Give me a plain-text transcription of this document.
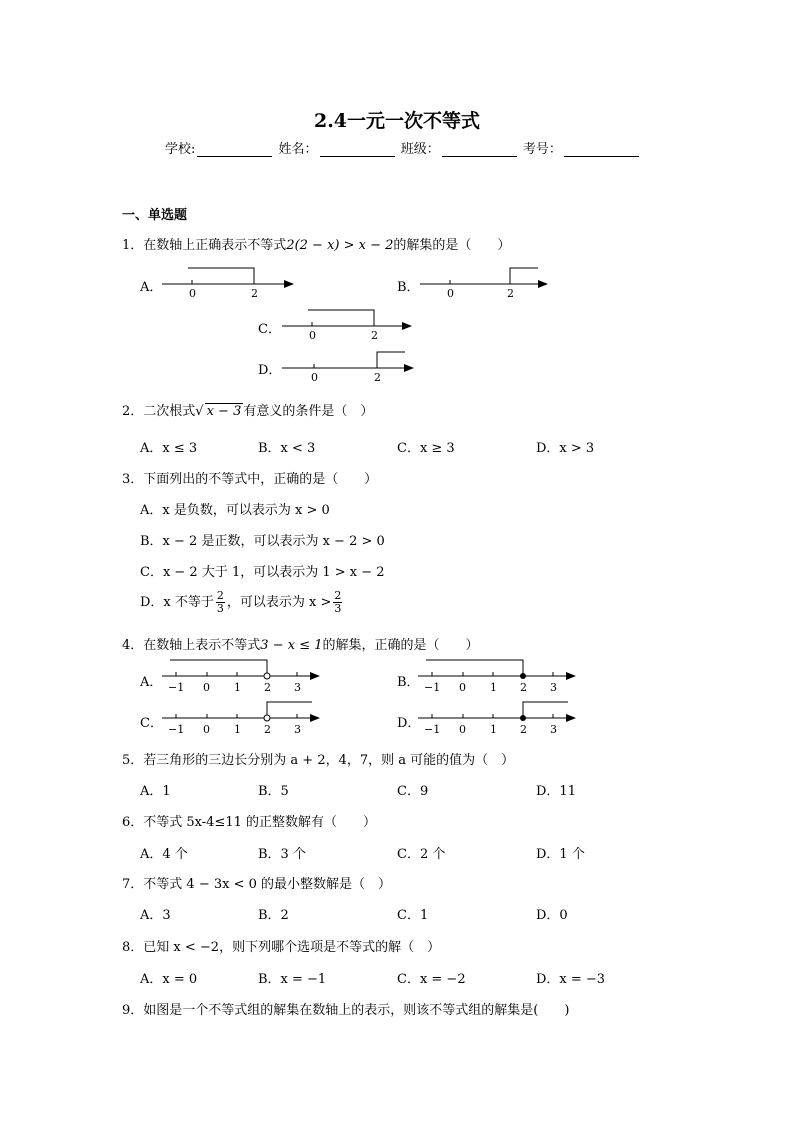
2.4一元一次不等式
学校:	姓名：	班级：	考号：
一、单选题
1．在数轴上正确表示不等式2(2 − x) > x − 2的解集的是（　　）
A．	B．
C．
D．
0	2	0	2
0	2
0	2
2．二次根式√ x − 3 有意义的条件是（　）
A．x ≤ 3	B．x < 3	C．x ≥ 3	D．x > 3
3．下面列出的不等式中，正确的是（　　）
A．x 是负数，可以表示为 x > 0
B．x − 2 是正数，可以表示为 x − 2 > 0
C．x − 2 大于 1，可以表示为 1 > x − 2
D．x 不等于 $\frac{2}{3}$ ，可以表示为 $x > \frac{2}{3}$
4．在数轴上表示不等式3 − x ≤ 1的解集，正确的是（　　）
A．	B．
C．	D．
−1 0 1 2 3	−1 0 1 2 3
−1 0 1 2 3	−1 0 1 2 3
5．若三角形的三边长分别为 a + 2，4，7，则 a 可能的值为（　）
A．1	B．5	C．9	D．11
6．不等式 5x-4≤11 的正整数解有（　　）
A．4 个	B．3 个	C．2 个	D．1 个
7．不等式 4 − 3x < 0 的最小整数解是（　）
A．3	B．2	C．1	D．0
8．已知 x < −2，则下列哪个选项是不等式的解（　）
A．x = 0	B．x = −1	C．x = −2	D．x = −3
9．如图是一个不等式组的解集在数轴上的表示，则该不等式组的解集是(　　)
